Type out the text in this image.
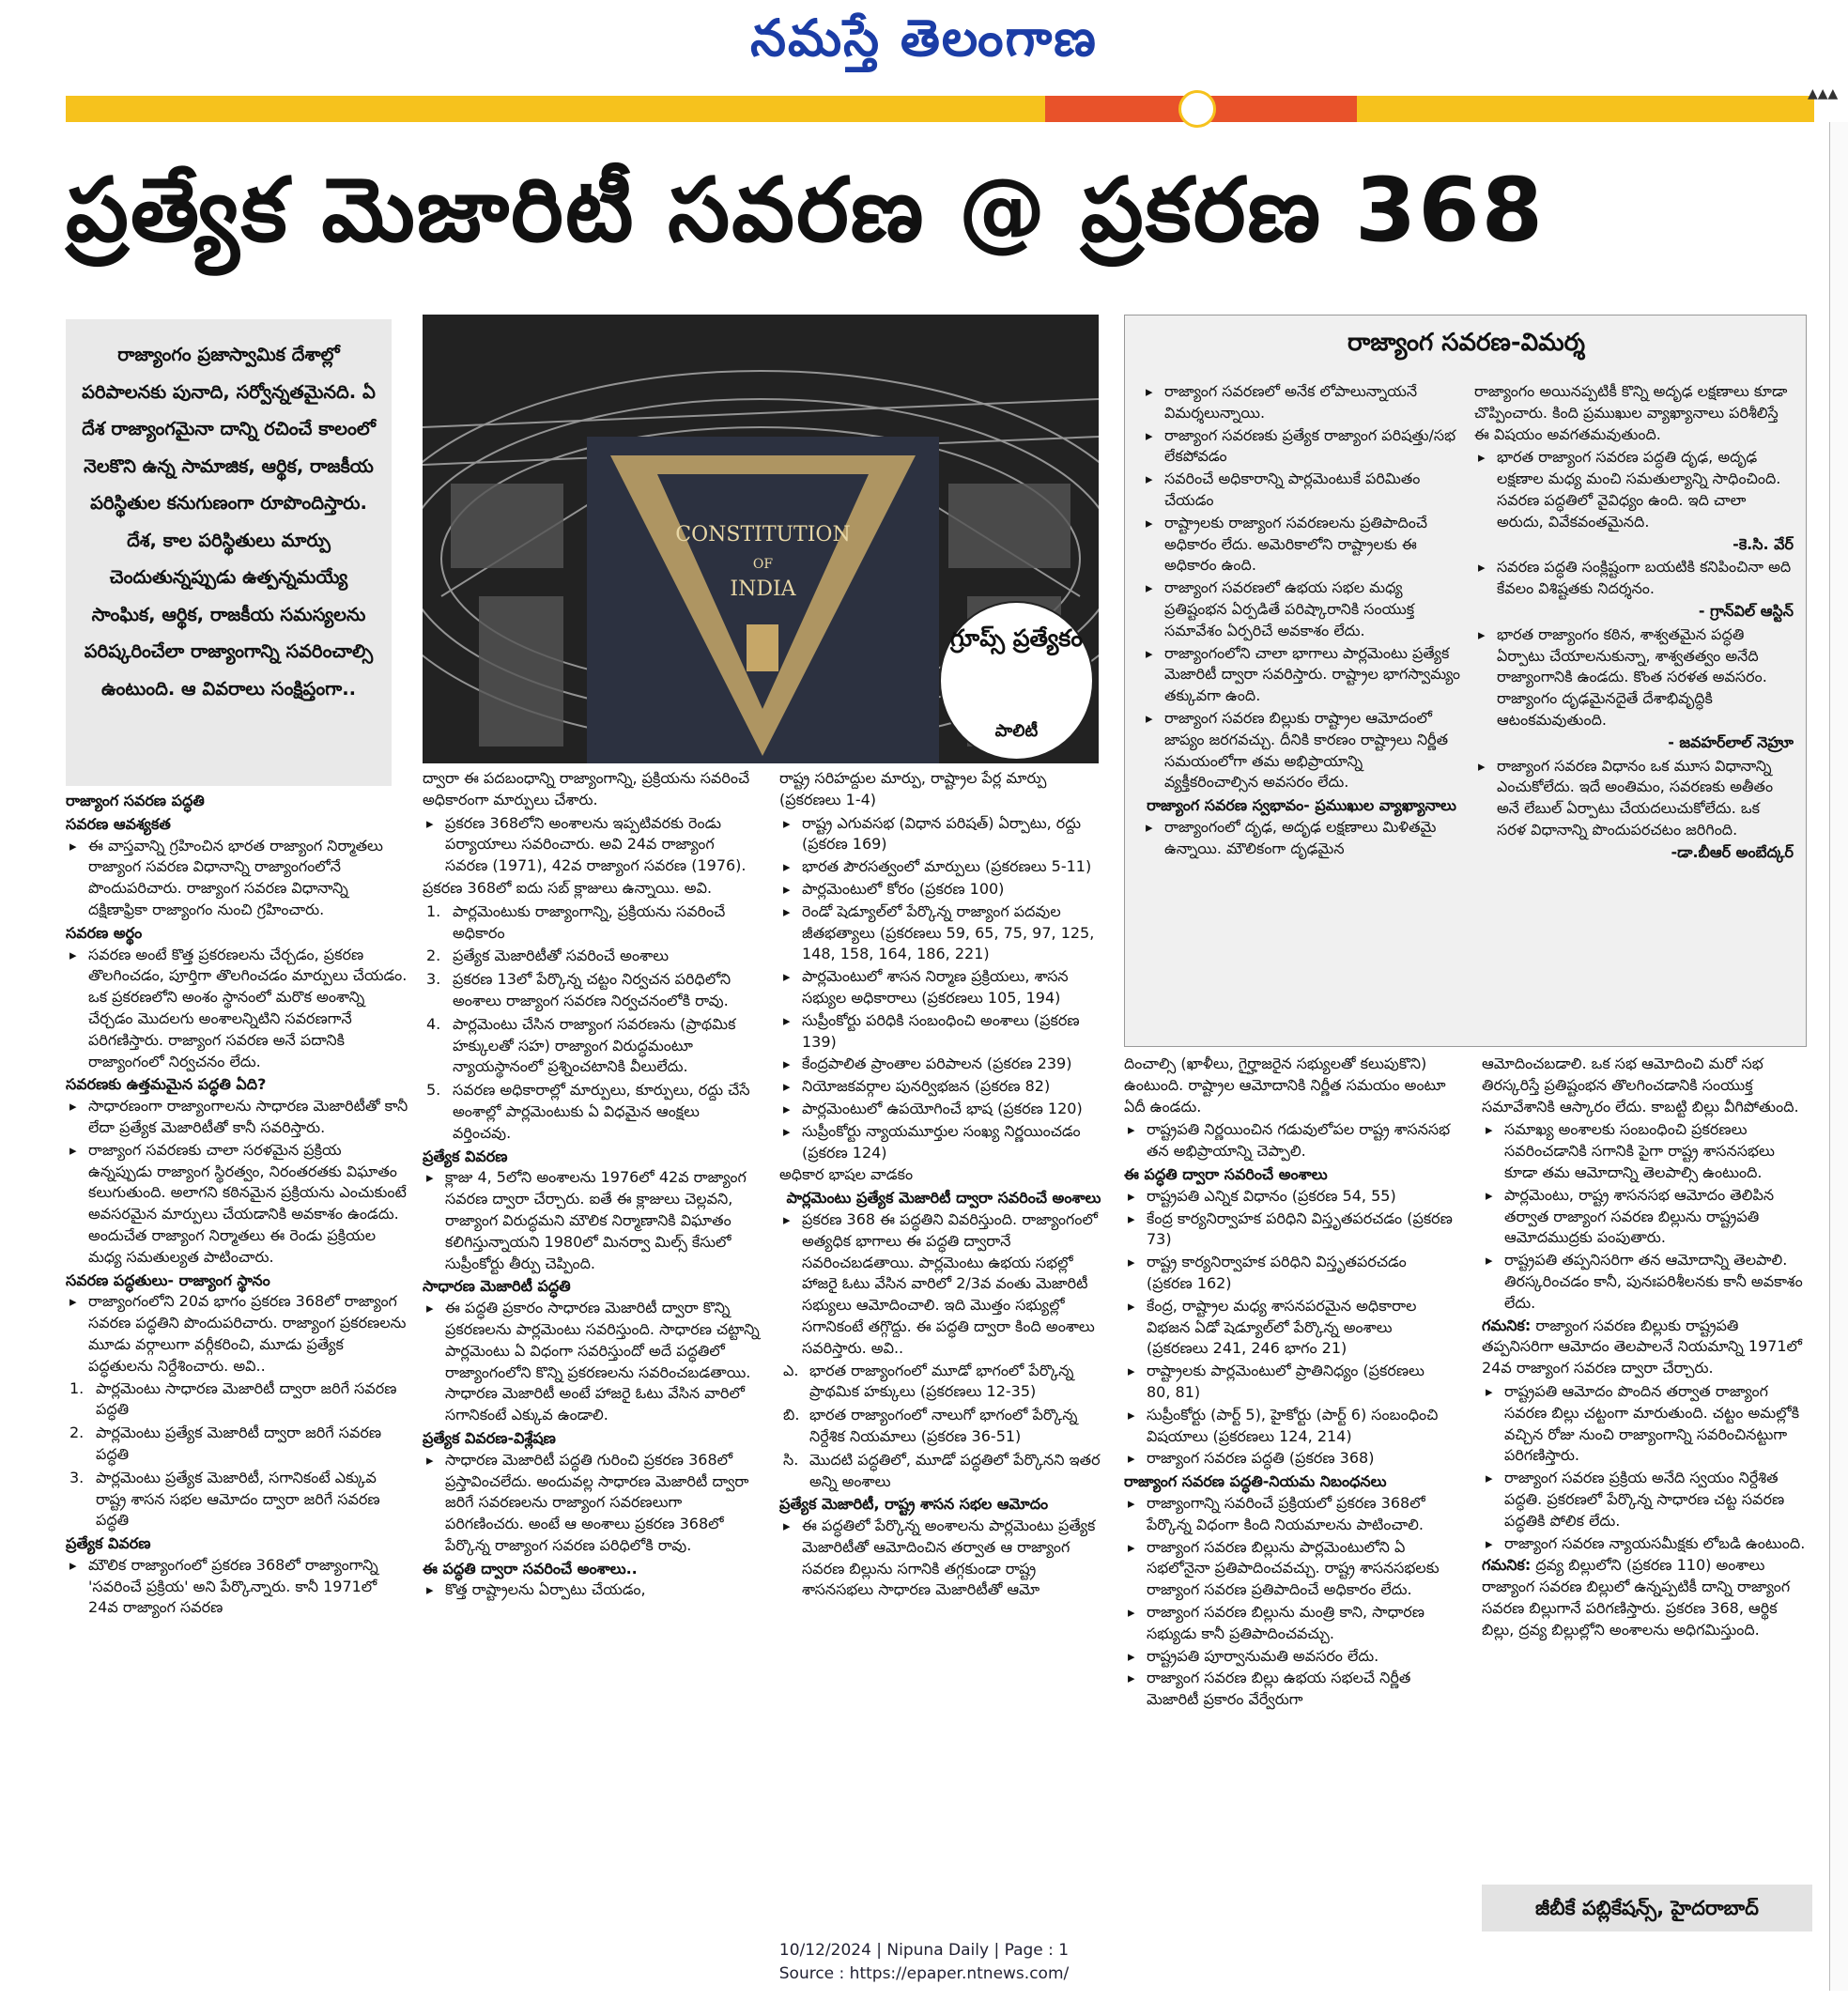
నమస్తే తెలంగాణ
▲▲▲
ప్రత్యేక మెజారిటీ సవరణ @ ప్రకరణ 368
రాజ్యాంగం ప్రజాస్వామిక దేశాల్లో పరిపాలనకు పునాది, సర్వోన్నతమైనది. ఏ దేశ రాజ్యాంగమైనా దాన్ని రచించే కాలంలో నెలకొని ఉన్న సామాజిక, ఆర్థిక, రాజకీయ పరిస్థితుల కనుగుణంగా రూపొందిస్తారు. దేశ, కాల పరిస్థితులు మార్పు చెందుతున్నప్పుడు ఉత్పన్నమయ్యే సాంఘిక, ఆర్థిక, రాజకీయ సమస్యలను పరిష్కరించేలా రాజ్యాంగాన్ని సవరించాల్సి ఉంటుంది. ఆ వివరాలు సంక్షిప్తంగా..
CONSTITUTION
OF
INDIA
గ్రూప్స్ ప్రత్యేకం
పాలిటీ
రాజ్యాంగ సవరణ-విమర్శ
▸ రాజ్యాంగ సవరణలో అనేక లోపాలున్నాయనే విమర్శలున్నాయి.
▸ రాజ్యాంగ సవరణకు ప్రత్యేక రాజ్యాంగ పరిషత్తు/సభ లేకపోవడం
▸ సవరించే అధికారాన్ని పార్లమెంటుకే పరిమితం చేయడం
▸ రాష్ట్రాలకు రాజ్యాంగ సవరణలను ప్రతిపాదించే అధికారం లేదు. అమెరికాలోని రాష్ట్రాలకు ఈ అధికారం ఉంది.
▸ రాజ్యాంగ సవరణలో ఉభయ సభల మధ్య ప్రతిష్టంభన ఏర్పడితే పరిష్కారానికి సంయుక్త సమావేశం ఏర్పరిచే అవకాశం లేదు.
▸ రాజ్యాంగంలోని చాలా భాగాలు పార్లమెంటు ప్రత్యేక మెజారిటీ ద్వారా సవరిస్తారు. రాష్ట్రాల భాగస్వామ్యం తక్కువగా ఉంది.
▸ రాజ్యాంగ సవరణ బిల్లుకు రాష్ట్రాల ఆమోదంలో జాప్యం జరగవచ్చు. దీనికి కారణం రాష్ట్రాలు నిర్ణీత సమయంలోగా తమ అభిప్రాయాన్ని వ్యక్తీకరించాల్సిన అవసరం లేదు.
రాజ్యాంగ సవరణ స్వభావం- ప్రముఖుల వ్యాఖ్యానాలు
▸ రాజ్యాంగంలో దృఢ, అదృఢ లక్షణాలు మిళితమై ఉన్నాయి. మౌలికంగా దృఢమైన
రాజ్యాంగం అయినప్పటికీ కొన్ని అదృఢ లక్షణాలు కూడా చొప్పించారు. కింది ప్రముఖుల వ్యాఖ్యానాలు పరిశీలిస్తే ఈ విషయం అవగతమవుతుంది.
▸ భారత రాజ్యాంగ సవరణ పద్ధతి దృఢ, అదృఢ లక్షణాల మధ్య మంచి సమతుల్యాన్ని సాధించింది. సవరణ పద్ధతిలో వైవిధ్యం ఉంది. ఇది చాలా అరుదు, వివేకవంతమైనది.
-కె.సి. వేర్
▸ సవరణ పద్ధతి సంక్లిష్టంగా బయటికి కనిపించినా అది కేవలం విశిష్టతకు నిదర్శనం.
- గ్రాన్‌విల్ ఆస్టిన్
▸ భారత రాజ్యాంగం కఠిన, శాశ్వతమైన పద్ధతి ఏర్పాటు చేయాలనుకున్నా, శాశ్వతత్వం అనేది రాజ్యాంగానికి ఉండదు. కొంత సరళత అవసరం. రాజ్యాంగం దృఢమైనదైతే దేశాభివృద్ధికి ఆటంకమవుతుంది.
- జవహర్‌లాల్ నెహ్రూ
▸ రాజ్యాంగ సవరణ విధానం ఒక మూస విధానాన్ని ఎంచుకోలేదు. ఇదే అంతిమం, సవరణకు అతీతం అనే లేబుల్ ఏర్పాటు చేయదలుచుకోలేదు. ఒక సరళ విధానాన్ని పొందుపరచటం జరిగింది.
-డా.బీఆర్ అంబేద్కర్
రాజ్యాంగ సవరణ పద్ధతి
సవరణ ఆవశ్యకత
▸ ఈ వాస్తవాన్ని గ్రహించిన భారత రాజ్యాంగ నిర్మాతలు రాజ్యాంగ సవరణ విధానాన్ని రాజ్యాంగంలోనే పొందుపరిచారు. రాజ్యాంగ సవరణ విధానాన్ని దక్షిణాఫ్రికా రాజ్యాంగం నుంచి గ్రహించారు.
సవరణ అర్థం
▸ సవరణ అంటే కొత్త ప్రకరణలను చేర్చడం, ప్రకరణ తొలగించడం, పూర్తిగా తొలగించడం మార్పులు చేయడం. ఒక ప్రకరణలోని అంశం స్థానంలో మరొక అంశాన్ని చేర్చడం మొదలగు అంశాలన్నిటిని సవరణగానే పరిగణిస్తారు. రాజ్యాంగ సవరణ అనే పదానికి రాజ్యాంగంలో నిర్వచనం లేదు.
సవరణకు ఉత్తమమైన పద్ధతి ఏది?
▸ సాధారణంగా రాజ్యాంగాలను సాధారణ మెజారిటీతో కానీ లేదా ప్రత్యేక మెజారిటీతో కానీ సవరిస్తారు.
▸ రాజ్యాంగ సవరణకు చాలా సరళమైన ప్రక్రియ ఉన్నప్పుడు రాజ్యాంగ స్థిరత్వం, నిరంతరతకు విఘాతం కలుగుతుంది. అలాగని కఠినమైన ప్రక్రియను ఎంచుకుంటే అవసరమైన మార్పులు చేయడానికి అవకాశం ఉండదు. అందుచేత రాజ్యాంగ నిర్మాతలు ఈ రెండు ప్రక్రియల మధ్య సమతుల్యత పాటించారు.
సవరణ పద్ధతులు- రాజ్యాంగ స్థానం
▸ రాజ్యాంగంలోని 20వ భాగం ప్రకరణ 368లో రాజ్యాంగ సవరణ పద్ధతిని పొందుపరిచారు. రాజ్యాంగ ప్రకరణలను మూడు వర్గాలుగా వర్గీకరించి, మూడు ప్రత్యేక పద్ధతులను నిర్దేశించారు. అవి..
1. పార్లమెంటు సాధారణ మెజారిటీ ద్వారా జరిగే సవరణ పద్ధతి
2. పార్లమెంటు ప్రత్యేక మెజారిటీ ద్వారా జరిగే సవరణ పద్ధతి
3. పార్లమెంటు ప్రత్యేక మెజారిటీ, సగానికంటే ఎక్కువ రాష్ట్ర శాసన సభల ఆమోదం ద్వారా జరిగే సవరణ పద్ధతి
ప్రత్యేక వివరణ
▸ మౌలిక రాజ్యాంగంలో ప్రకరణ 368లో రాజ్యాంగాన్ని 'సవరించే ప్రక్రియ' అని పేర్కొన్నారు. కానీ 1971లో 24వ రాజ్యాంగ సవరణ
ద్వారా ఈ పదబంధాన్ని రాజ్యాంగాన్ని, ప్రక్రియను సవరించే అధికారంగా మార్పులు చేశారు.
▸ ప్రకరణ 368లోని అంశాలను ఇప్పటివరకు రెండు పర్యాయాలు సవరించారు. అవి 24వ రాజ్యాంగ సవరణ (1971), 42వ రాజ్యాంగ సవరణ (1976).
ప్రకరణ 368లో ఐదు సబ్ క్లాజులు ఉన్నాయి. అవి.
1. పార్లమెంటుకు రాజ్యాంగాన్ని, ప్రక్రియను సవరించే అధికారం
2. ప్రత్యేక మెజారిటీతో సవరించే అంశాలు
3. ప్రకరణ 13లో పేర్కొన్న చట్టం నిర్వచన పరిధిలోని అంశాలు రాజ్యాంగ సవరణ నిర్వచనంలోకి రావు.
4. పార్లమెంటు చేసిన రాజ్యాంగ సవరణను (ప్రాథమిక హక్కులతో సహ) రాజ్యాంగ విరుద్ధమంటూ న్యాయస్థానంలో ప్రశ్నించటానికి వీలులేదు.
5. సవరణ అధికారాల్లో మార్పులు, కూర్పులు, రద్దు చేసే అంశాల్లో పార్లమెంటుకు ఏ విధమైన ఆంక్షలు వర్తించవు.
ప్రత్యేక వివరణ
▸ క్లాజు 4, 5లోని అంశాలను 1976లో 42వ రాజ్యాంగ సవరణ ద్వారా చేర్చారు. ఐతే ఈ క్లాజులు చెల్లవని, రాజ్యాంగ విరుద్ధమని మౌలిక నిర్మాణానికి విఘాతం కలిగిస్తున్నాయని 1980లో మినర్వా మిల్స్ కేసులో సుప్రీంకోర్టు తీర్పు చెప్పింది.
సాధారణ మెజారిటీ పద్ధతి
▸ ఈ పద్ధతి ప్రకారం సాధారణ మెజారిటీ ద్వారా కొన్ని ప్రకరణలను పార్లమెంటు సవరిస్తుంది. సాధారణ చట్టాన్ని పార్లమెంటు ఏ విధంగా సవరిస్తుందో అదే పద్ధతిలో రాజ్యాంగంలోని కొన్ని ప్రకరణలను సవరించబడతాయి. సాధారణ మెజారిటీ అంటే హాజరై ఓటు వేసిన వారిలో సగానికంటే ఎక్కువ ఉండాలి.
ప్రత్యేక వివరణ-విశ్లేషణ
▸ సాధారణ మెజారిటీ పద్ధతి గురించి ప్రకరణ 368లో ప్రస్తావించలేదు. అందువల్ల సాధారణ మెజారిటీ ద్వారా జరిగే సవరణలను రాజ్యాంగ సవరణలుగా పరిగణించరు. అంటే ఆ అంశాలు ప్రకరణ 368లో పేర్కొన్న రాజ్యాంగ సవరణ పరిధిలోకి రావు.
ఈ పద్ధతి ద్వారా సవరించే అంశాలు..
▸ కొత్త రాష్ట్రాలను ఏర్పాటు చేయడం,
రాష్ట్ర సరిహద్దుల మార్పు, రాష్ట్రాల పేర్ల మార్పు (ప్రకరణలు 1-4)
▸ రాష్ట్ర ఎగువసభ (విధాన పరిషత్) ఏర్పాటు, రద్దు (ప్రకరణ 169)
▸ భారత పౌరసత్వంలో మార్పులు (ప్రకరణలు 5-11)
▸ పార్లమెంటులో కోరం (ప్రకరణ 100)
▸ రెండో షెడ్యూల్‌లో పేర్కొన్న రాజ్యాంగ పదవుల జీతభత్యాలు (ప్రకరణలు 59, 65, 75, 97, 125, 148, 158, 164, 186, 221)
▸ పార్లమెంటులో శాసన నిర్మాణ ప్రక్రియలు, శాసన సభ్యుల అధికారాలు (ప్రకరణలు 105, 194)
▸ సుప్రీంకోర్టు పరిధికి సంబంధించి అంశాలు (ప్రకరణ 139)
▸ కేంద్రపాలిత ప్రాంతాల పరిపాలన (ప్రకరణ 239)
▸ నియోజకవర్గాల పునర్విభజన (ప్రకరణ 82)
▸ పార్లమెంటులో ఉపయోగించే భాష (ప్రకరణ 120)
▸ సుప్రీంకోర్టు న్యాయమూర్తుల సంఖ్య నిర్ణయించడం (ప్రకరణ 124)
అధికార భాషల వాడకం
పార్లమెంటు ప్రత్యేక మెజారిటీ ద్వారా సవరించే అంశాలు
▸ ప్రకరణ 368 ఈ పద్ధతిని వివరిస్తుంది. రాజ్యాంగంలో అత్యధిక భాగాలు ఈ పద్ధతి ద్వారానే సవరించబడతాయి. పార్లమెంటు ఉభయ సభల్లో హాజరై ఓటు వేసిన వారిలో 2/3వ వంతు మెజారిటీ సభ్యులు ఆమోదించాలి. ఇది మొత్తం సభ్యుల్లో సగానికంటే తగ్గొద్దు. ఈ పద్ధతి ద్వారా కింది అంశాలు సవరిస్తారు. అవి..
ఎ. భారత రాజ్యాంగంలో మూడో భాగంలో పేర్కొన్న ప్రాథమిక హక్కులు (ప్రకరణలు 12-35)
బి. భారత రాజ్యాంగంలో నాలుగో భాగంలో పేర్కొన్న నిర్దేశిక నియమాలు (ప్రకరణ 36-51)
సి. మొదటి పద్ధతిలో, మూడో పద్ధతిలో పేర్కొనని ఇతర అన్ని అంశాలు
ప్రత్యేక మెజారిటీ, రాష్ట్ర శాసన సభల ఆమోదం
▸ ఈ పద్ధతిలో పేర్కొన్న అంశాలను పార్లమెంటు ప్రత్యేక మెజారిటీతో ఆమోదించిన తర్వాత ఆ రాజ్యాంగ సవరణ బిల్లును సగానికి తగ్గకుండా రాష్ట్ర శాసనసభలు సాధారణ మెజారిటీతో ఆమో
దించాల్సి (ఖాళీలు, గైర్హాజరైన సభ్యులతో కలుపుకొని) ఉంటుంది. రాష్ట్రాల ఆమోదానికి నిర్ణీత సమయం అంటూ ఏదీ ఉండదు.
▸ రాష్ట్రపతి నిర్ణయించిన గడువులోపల రాష్ట్ర శాసనసభ తన అభిప్రాయాన్ని చెప్పాలి.
ఈ పద్ధతి ద్వారా సవరించే అంశాలు
▸ రాష్ట్రపతి ఎన్నిక విధానం (ప్రకరణ 54, 55)
▸ కేంద్ర కార్యనిర్వాహక పరిధిని విస్తృతపరచడం (ప్రకరణ 73)
▸ రాష్ట్ర కార్యనిర్వాహక పరిధిని విస్తృతపరచడం (ప్రకరణ 162)
▸ కేంద్ర, రాష్ట్రాల మధ్య శాసనపరమైన అధికారాల విభజన ఏడో షెడ్యూల్‌లో పేర్కొన్న అంశాలు (ప్రకరణలు 241, 246 భాగం 21)
▸ రాష్ట్రాలకు పార్లమెంటులో ప్రాతినిధ్యం (ప్రకరణలు 80, 81)
▸ సుప్రీంకోర్టు (పార్ట్ 5), హైకోర్టు (పార్ట్ 6) సంబంధించి విషయాలు (ప్రకరణలు 124, 214)
▸ రాజ్యాంగ సవరణ పద్ధతి (ప్రకరణ 368)
రాజ్యాంగ సవరణ పద్ధతి-నియమ నిబంధనలు
▸ రాజ్యాంగాన్ని సవరించే ప్రక్రియలో ప్రకరణ 368లో పేర్కొన్న విధంగా కింది నియమాలను పాటించాలి.
▸ రాజ్యాంగ సవరణ బిల్లును పార్లమెంటులోని ఏ సభలోనైనా ప్రతిపాదించవచ్చు. రాష్ట్ర శాసనసభలకు రాజ్యాంగ సవరణ ప్రతిపాదించే అధికారం లేదు.
▸ రాజ్యాంగ సవరణ బిల్లును మంత్రి కాని, సాధారణ సభ్యుడు కానీ ప్రతిపాదించవచ్చు.
▸ రాష్ట్రపతి పూర్వానుమతి అవసరం లేదు.
▸ రాజ్యాంగ సవరణ బిల్లు ఉభయ సభలచే నిర్ణీత మెజారిటీ ప్రకారం వేర్వేరుగా
ఆమోదించబడాలి. ఒక సభ ఆమోదించి మరో సభ తిరస్కరిస్తే ప్రతిష్టంభన తొలగించడానికి సంయుక్త సమావేశానికి ఆస్కారం లేదు. కాబట్టి బిల్లు వీగిపోతుంది.
▸ సమాఖ్య అంశాలకు సంబంధించి ప్రకరణలు సవరించడానికి సగానికి పైగా రాష్ట్ర శాసనసభలు కూడా తమ ఆమోదాన్ని తెలపాల్సి ఉంటుంది.
▸ పార్లమెంటు, రాష్ట్ర శాసనసభ ఆమోదం తెలిపిన తర్వాత రాజ్యాంగ సవరణ బిల్లును రాష్ట్రపతి ఆమోదముద్రకు పంపుతారు.
▸ రాష్ట్రపతి తప్పనిసరిగా తన ఆమోదాన్ని తెలపాలి. తిరస్కరించడం కానీ, పునఃపరిశీలనకు కానీ అవకాశం లేదు.
గమనిక: రాజ్యాంగ సవరణ బిల్లుకు రాష్ట్రపతి తప్పనిసరిగా ఆమోదం తెలపాలనే నియమాన్ని 1971లో 24వ రాజ్యాంగ సవరణ ద్వారా చేర్చారు.
▸ రాష్ట్రపతి ఆమోదం పొందిన తర్వాత రాజ్యాంగ సవరణ బిల్లు చట్టంగా మారుతుంది. చట్టం అమల్లోకి వచ్చిన రోజు నుంచి రాజ్యాంగాన్ని సవరించినట్టుగా పరిగణిస్తారు.
▸ రాజ్యాంగ సవరణ ప్రక్రియ అనేది స్వయం నిర్దేశిత పద్ధతి. ప్రకరణలో పేర్కొన్న సాధారణ చట్ట సవరణ పద్ధతికి పోలిక లేదు.
▸ రాజ్యాంగ సవరణ న్యాయసమీక్షకు లోబడి ఉంటుంది.
గమనిక: ద్రవ్య బిల్లులోని (ప్రకరణ 110) అంశాలు రాజ్యాంగ సవరణ బిల్లులో ఉన్నప్పటికీ దాన్ని రాజ్యాంగ సవరణ బిల్లుగానే పరిగణిస్తారు. ప్రకరణ 368, ఆర్థిక బిల్లు, ద్రవ్య బిల్లుల్లోని అంశాలను అధిగమిస్తుంది.
జీబీకే పబ్లికేషన్స్, హైదరాబాద్
10/12/2024 | Nipuna Daily | Page : 1
Source : https://epaper.ntnews.com/
